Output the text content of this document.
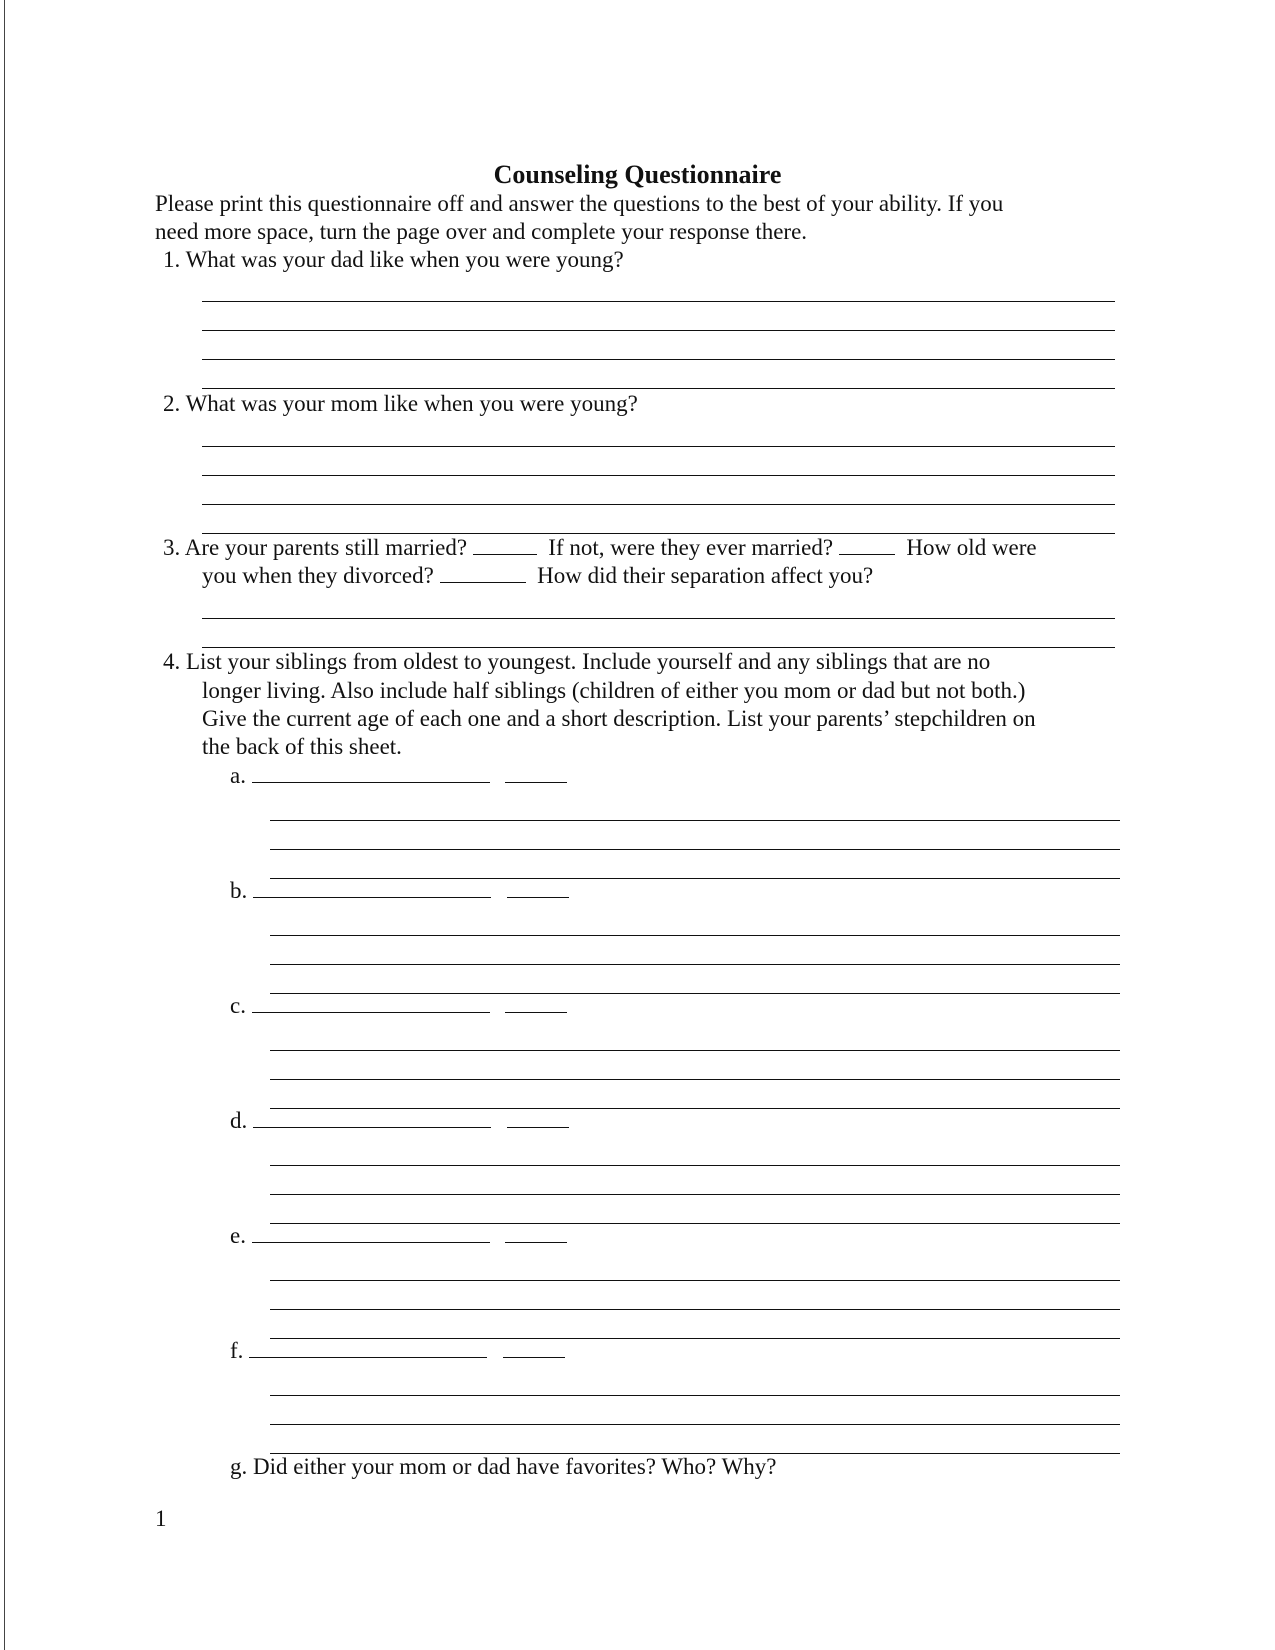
Counseling Questionnaire
Please print this questionnaire off and answer the questions to the best of your ability. If you
need more space, turn the page over and complete your response there.
1. What was your dad like when you were young?
2. What was your mom like when you were young?
3. Are your parents still married?	If not, were they ever married?	How old were
you when they divorced?	How did their separation affect you?
4. List your siblings from oldest to youngest. Include yourself and any siblings that are no
longer living. Also include half siblings (children of either you mom or dad but not both.)
Give the current age of each one and a short description. List your parents’ stepchildren on
the back of this sheet.
a.
b.
c.
d.
e.
f.
g. Did either your mom or dad have favorites? Who? Why?
1
